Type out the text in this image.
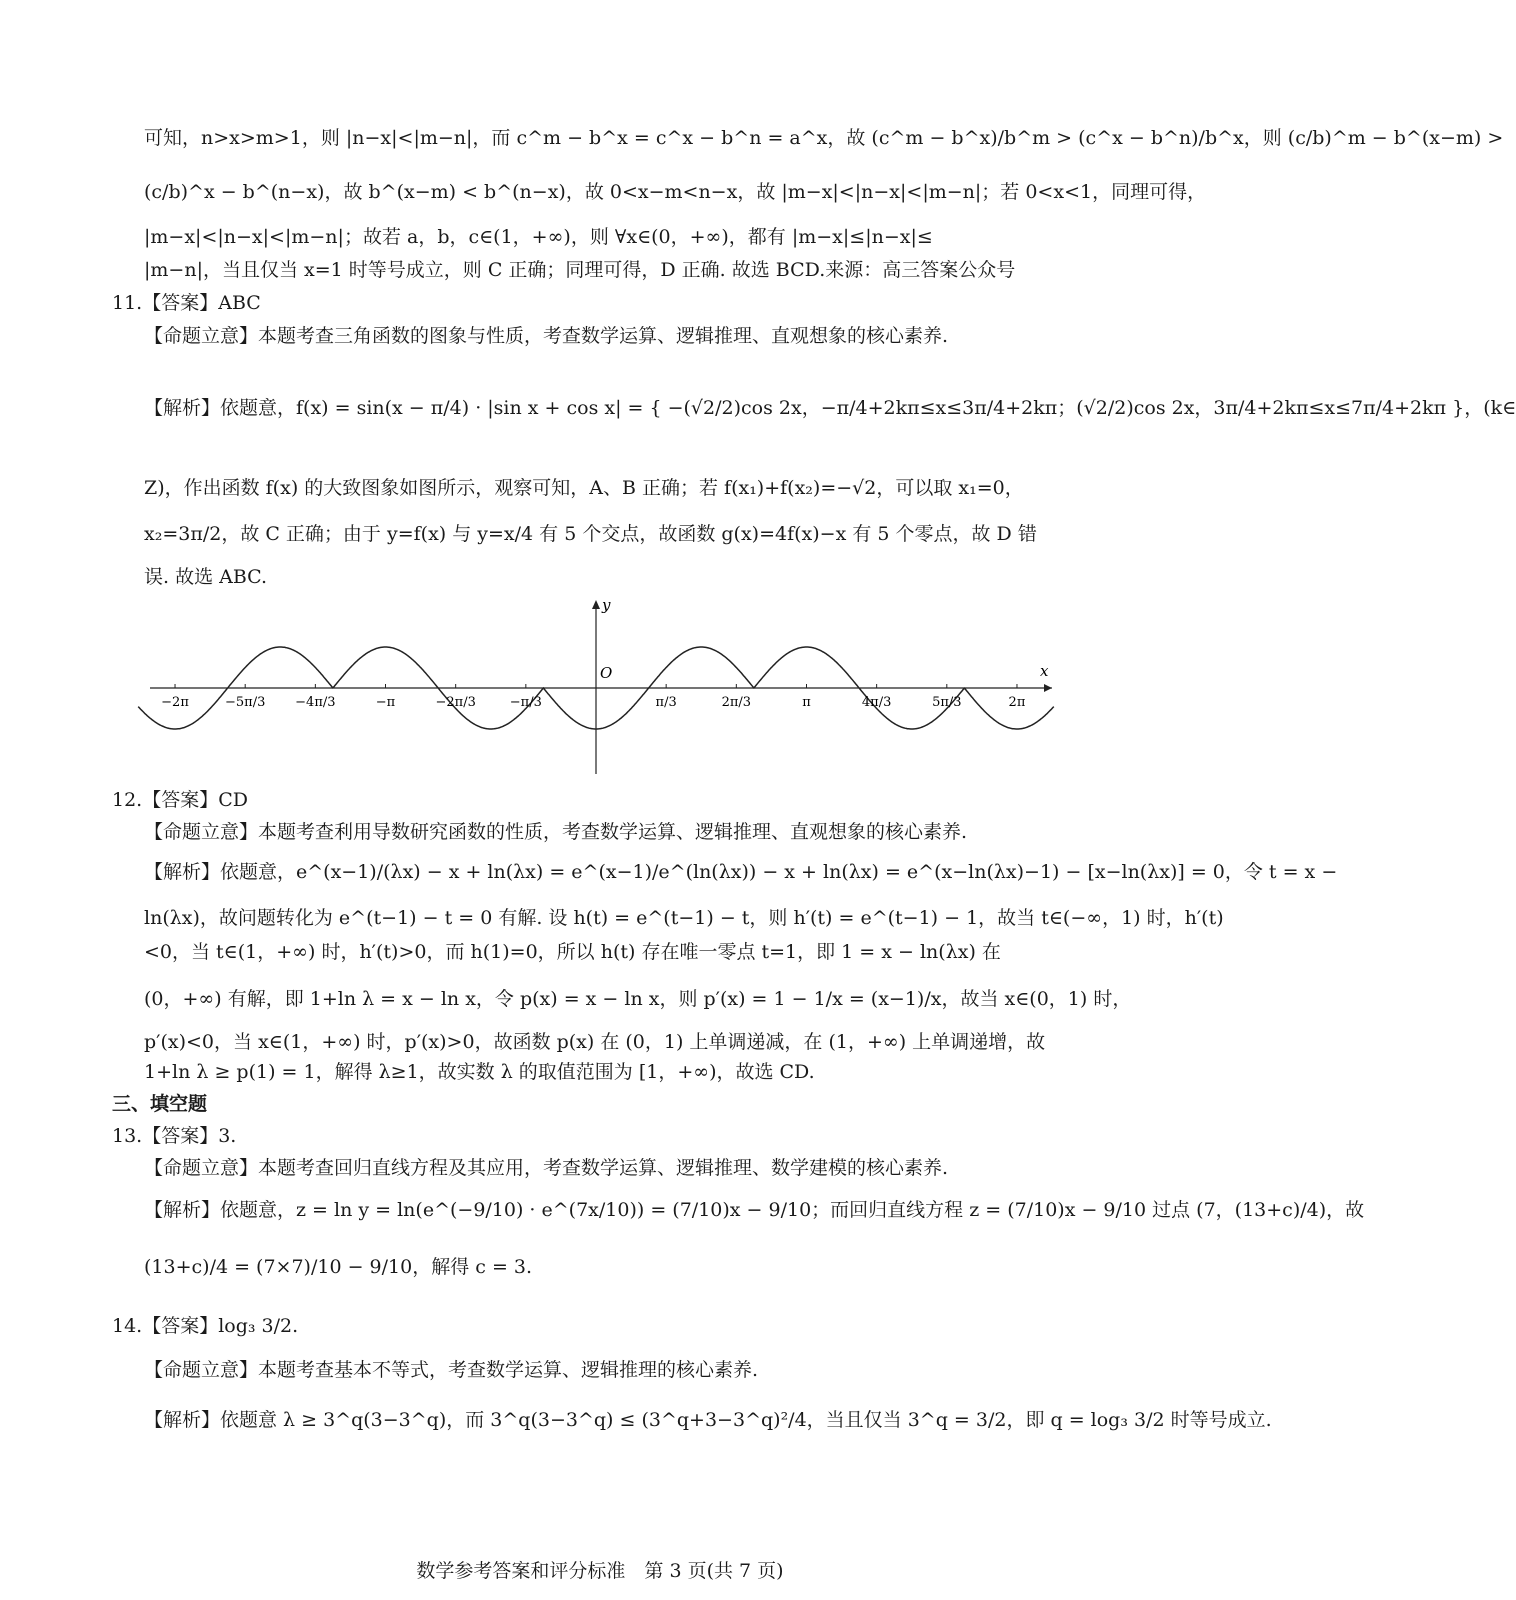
可知，n>x>m>1，则 |n−x|<|m−n|，而 c^m − b^x = c^x − b^n = a^x，故 (c^m − b^x)/b^m > (c^x − b^n)/b^x，则 (c/b)^m − b^(x−m) >
(c/b)^x − b^(n−x)，故 b^(x−m) < b^(n−x)，故 0<x−m<n−x，故 |m−x|<|n−x|<|m−n|；若 0<x<1，同理可得，
|m−x|<|n−x|<|m−n|；故若 a，b，c∈(1，+∞)，则 ∀x∈(0，+∞)，都有 |m−x|≤|n−x|≤
|m−n|，当且仅当 x=1 时等号成立，则 C 正确；同理可得，D 正确. 故选 BCD.来源：高三答案公众号
11.【答案】ABC
【命题立意】本题考查三角函数的图象与性质，考查数学运算、逻辑推理、直观想象的核心素养.
【解析】依题意，f(x) = sin(x − π/4) · |sin x + cos x| = { −(√2/2)cos 2x，−π/4+2kπ≤x≤3π/4+2kπ；(√2/2)cos 2x，3π/4+2kπ≤x≤7π/4+2kπ }，(k∈
Z)，作出函数 f(x) 的大致图象如图所示，观察可知，A、B 正确；若 f(x₁)+f(x₂)=−√2，可以取 x₁=0，
x₂=3π/2，故 C 正确；由于 y=f(x) 与 y=x/4 有 5 个交点，故函数 g(x)=4f(x)−x 有 5 个零点，故 D 错
误. 故选 ABC.
x
y
O
−2π	−5π/3 −4π/3	−π	−2π/3	−π/3	π/3	2π/3	π	4π/3	5π/3	2π
12.【答案】CD
【命题立意】本题考查利用导数研究函数的性质，考查数学运算、逻辑推理、直观想象的核心素养.
【解析】依题意，e^(x−1)/(λx) − x + ln(λx) = e^(x−1)/e^(ln(λx)) − x + ln(λx) = e^(x−ln(λx)−1) − [x−ln(λx)] = 0，令 t = x −
ln(λx)，故问题转化为 e^(t−1) − t = 0 有解. 设 h(t) = e^(t−1) − t，则 h′(t) = e^(t−1) − 1，故当 t∈(−∞，1) 时，h′(t)
<0，当 t∈(1，+∞) 时，h′(t)>0，而 h(1)=0，所以 h(t) 存在唯一零点 t=1，即 1 = x − ln(λx) 在
(0，+∞) 有解，即 1+ln λ = x − ln x，令 p(x) = x − ln x，则 p′(x) = 1 − 1/x = (x−1)/x，故当 x∈(0，1) 时，
p′(x)<0，当 x∈(1，+∞) 时，p′(x)>0，故函数 p(x) 在 (0，1) 上单调递减，在 (1，+∞) 上单调递增，故
1+ln λ ≥ p(1) = 1，解得 λ≥1，故实数 λ 的取值范围为 [1，+∞)，故选 CD.
三、填空题
13.【答案】3.
【命题立意】本题考查回归直线方程及其应用，考查数学运算、逻辑推理、数学建模的核心素养.
【解析】依题意，z = ln y = ln(e^(−9/10) · e^(7x/10)) = (7/10)x − 9/10；而回归直线方程 z = (7/10)x − 9/10 过点 (7，(13+c)/4)，故
(13+c)/4 = (7×7)/10 − 9/10，解得 c = 3.
14.【答案】log₃ 3/2.
【命题立意】本题考查基本不等式，考查数学运算、逻辑推理的核心素养.
【解析】依题意 λ ≥ 3^q(3−3^q)，而 3^q(3−3^q) ≤ (3^q+3−3^q)²/4，当且仅当 3^q = 3/2，即 q = log₃ 3/2 时等号成立.
数学参考答案和评分标准　第 3 页(共 7 页)
